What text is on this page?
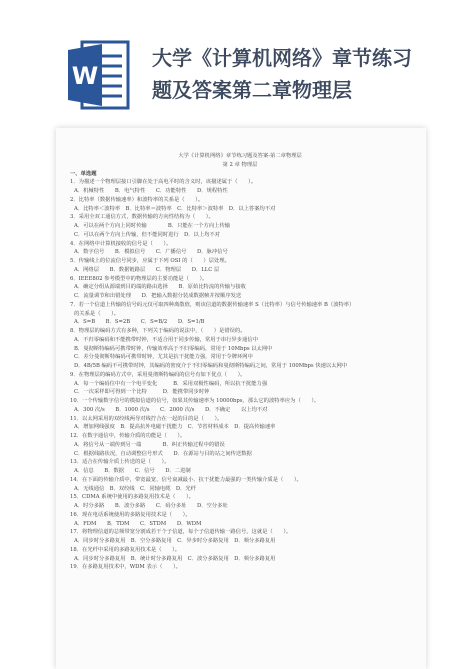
W
大学《计算机网络》章节练习
题及答案第二章物理层
大学《计算机网络》章节练习题及答案-第二章物理层
第 2 章 物理层
一、单选题
1．为描述一个物理层接口引脚在处于高电平时的含义时，该描述属于（　　）。
A．机械特性　　B．电气特性　　C．功能特性　　D．规程特性
2．比特率（数据传输速率）和波特率的关系是（　　）。
A．比特率＜波特率　B．比特率＝波特率　C．比特率＞波特率　D．以上答案均不对
3．采用全双工通信方式，数据传输的方向性结构为（　　）。
A．可以在两个方向上同时传输　　　　B．只能在一个方向上传输
C．可以在两个方向上传输，但不能同时进行　D．以上均不对
4．在网络中计算机接收的信号是（　　）。
A．数字信号　　B．模拟信号　　C．广播信号　　D．脉冲信号
5．传输线上的位流信号同步，应属于下列 OSI 的（　　）层处理。
A．网络层　　B．数据链路层　　C．物理层　　D．LLC 层
6．IEEE802 参考模型中的物理层的主要功能是（　　）。
A．确定分组从源端到目的端的路由选择　　B．原始比特流的传输与接收
C．流量调节和出错处理　　D．把输入数据分装成数据帧并按顺序发送
7．若一个信道上传输的信号码元仅可取四种离散值，则该信道的数据传输速率 S（比特率）与信号传输速率 B（波特率）
的关系是（　　）。
A．S=B　　B．S=2B　　C．S=B/2　　D．S=1/B
8．物理层的编码方式有多种，下列关于编码的说法中，（　　）是错误的。
A．不归零编码和不能携带时钟，不适合用于同步传输，常用于串行异步通信中
B．曼彻斯特编码可携带时钟，传输效率高于不归零编码，常用于 10Mbps 以太网中
C．差分曼彻斯特编码可携带时钟，尤其是抗干扰能力强，常用于令牌环网中
D．4B/5B 编码不可携带时钟，其编码的密度介于不归零编码和曼彻斯特编码之间，常用于 100Mbps 快速以太网中
9．在物理层的编码方式中，采用曼彻斯特编码的信号有如下优点（　　）。
A．每一个编码位中有一个电平变化　　　B．采用双极性编码，所以抗干扰能力强
C．一次采样即可得到一个比特　　　D．能携带同步时钟
10．一个传输数字信号的模拟信道的信号，如果其传输速率为 10000bps，那么它的波特率应为（　　）。
A．300 次/s　　B．1000 次/s　　C．2000 次/s　　D．不确定　　以上均不对
11．以太网采用的双绞线两导对线拧合在一起的目的是（　　）。
A．增加网线强度　B．提高抗外电磁干扰能力　C．节省材料成本　D．提高传输速率
12．在数字通信中，传输介质的功能是（　　）。
A．将信号从一端传到另一端　　　　B．纠正传输过程中的错误
C．根据线路状况，自动调整信号形式　　D．在源站与目的站之间传送数据
13．适合在传输介质上传送的是（　　）。
A．信息　　B．数据　　C．信号　　D．二进制
14．在下面的传输介质中，带宽最宽、信号衰减最小、抗干扰能力最强的一类传输介质是（　　）。
A．无线通信　B．双绞线　C．同轴电缆　D．光纤
15．CDMA 系统中使用的多路复用技术是（　　）。
A．时分多路　　B．波分多路　　C．码分多址　　D．空分多址
16．现在电话系统使用的多路复用技术是（　　）。
A．FDM　　B．TDM　　C．STDM　　D．WDM
17．将物理信道的总频带宽分割成若干个子信道，每个子信道传输一路信号，这就是（　　）。
A．同步时分多路复用　B．空分多路复用　C．异步时分多路复用　D．频分多路复用
18．在光纤中采用的多路复用技术是（　　）。
A．同步时分多路复用　B．统计时分多路复用　C．波分多路复用　D．频分多路复用
19．在多路复用技术中，WDM 表示（　　）。
